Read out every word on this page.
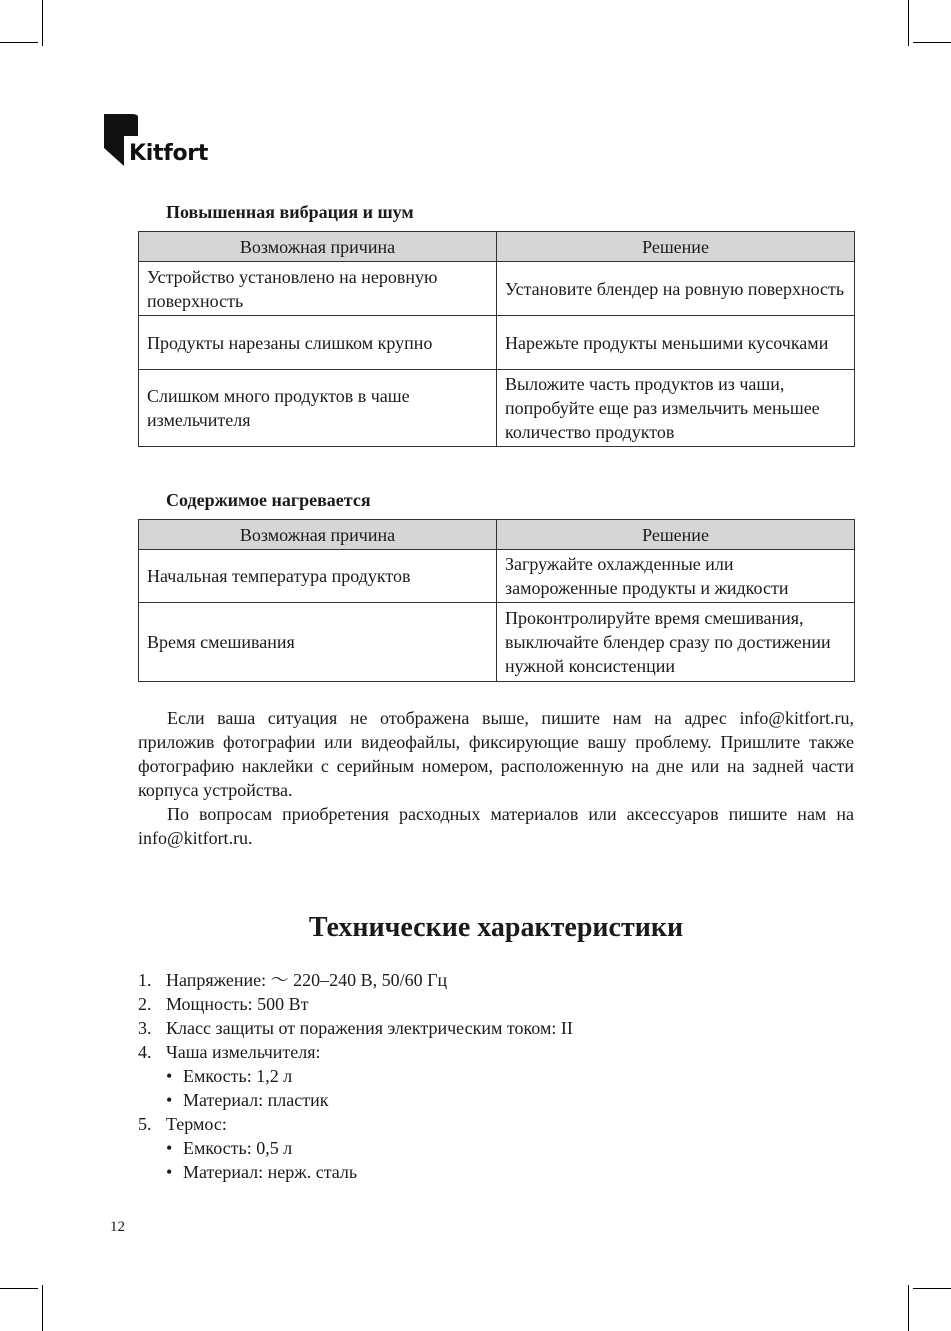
Kitfort
Повышенная вибрация и шум
Возможная причина	Решение
Устройство установлено на неровную поверхность	Установите блендер на ровную поверхность
Продукты нарезаны слишком крупно	Нарежьте продукты меньшими кусочками
Слишком много продуктов в чаше измельчителя	Выложите часть продуктов из чаши, попробуйте еще раз измельчить меньшее количество продуктов
Содержимое нагревается
Возможная причина	Решение
Начальная температура продуктов	Загружайте охлажденные или замороженные продукты и жидкости
Время смешивания	Проконтролируйте время смешивания, выключайте блендер сразу по достижении нужной консистенции

Если ваша ситуация не отображена выше, пишите нам на адрес info@kitfort.ru, приложив фотографии или видеофайлы, фиксирующие вашу проблему. Пришлите также фотографию наклейки с серийным номером, расположенную на дне или на задней части корпуса устройства.

По вопросам приобретения расходных материалов или аксессуаров пишите нам на info@kitfort.ru.

Технические характеристики
1. Напряжение: ～ 220–240 В, 50/60 Гц
2. Мощность: 500 Вт
3. Класс защиты от поражения электрическим током: II
4. Чаша измельчителя:
• Емкость: 1,2 л
• Материал: пластик
5. Термос:
• Емкость: 0,5 л
• Материал: нерж. сталь
12
